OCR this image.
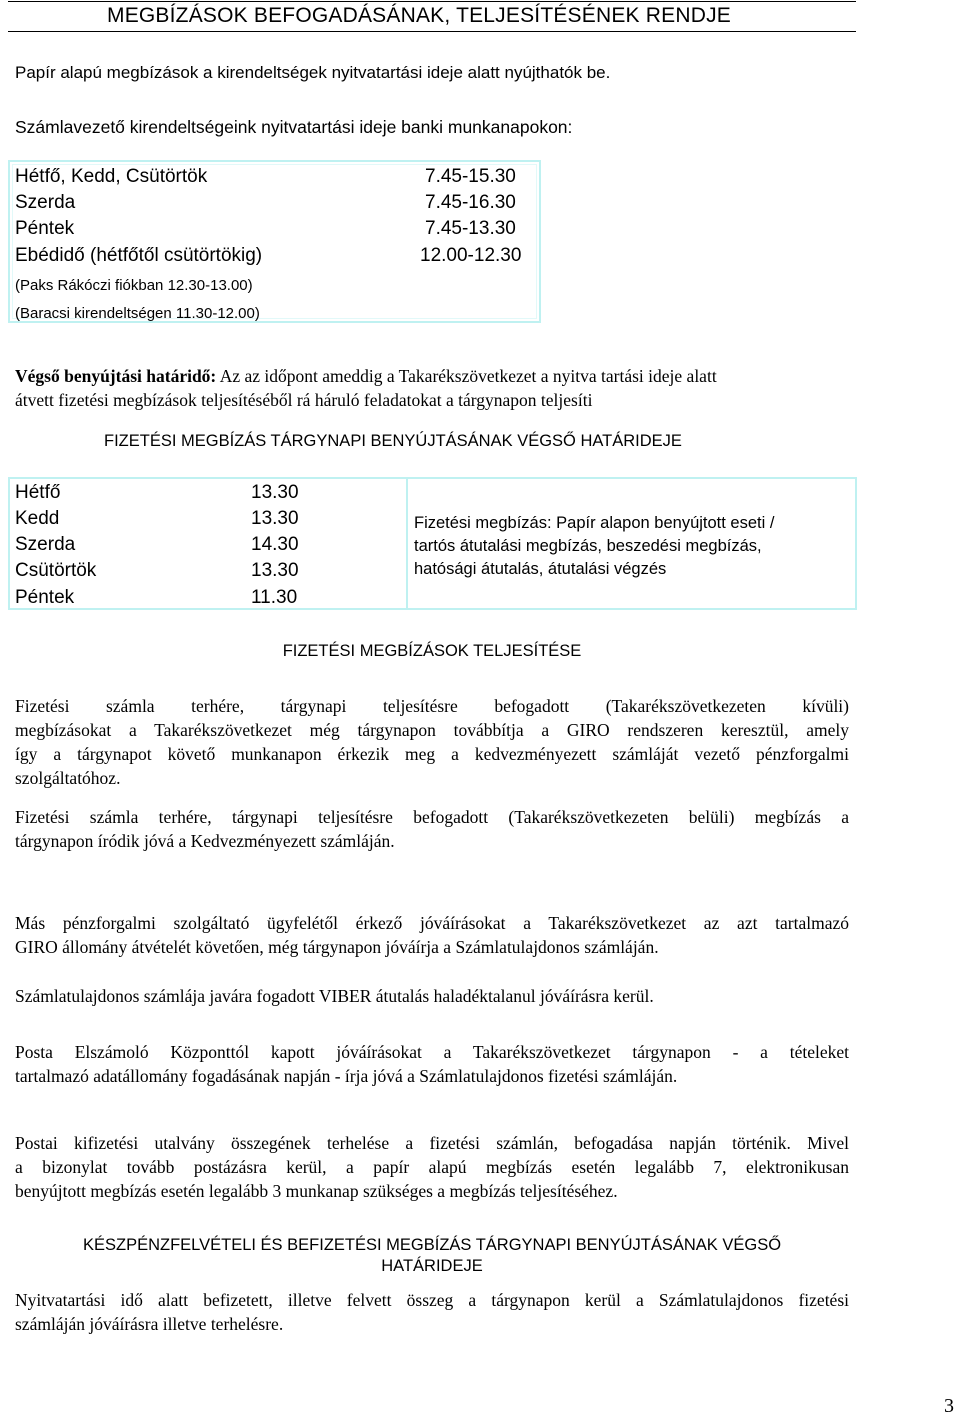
MEGBÍZÁSOK BEFOGADÁSÁNAK, TELJESÍTÉSÉNEK RENDJE
Papír alapú megbízások a kirendeltségek nyitvatartási ideje alatt nyújthatók be.
Számlavezető kirendeltségeink nyitvatartási ideje banki munkanapokon:
Hétfő, Kedd, Csütörtök	7.45-15.30
Szerda	7.45-16.30
Péntek	7.45-13.30
Ebédidő (hétfőtől csütörtökig)	12.00-12.30
(Paks Rákóczi fiókban 12.30-13.00)
(Baracsi kirendeltségen 11.30-12.00)
Végső benyújtási határidő: Az az időpont ameddig a Takarékszövetkezet a nyitva tartási ideje alatt
átvett fizetési megbízások teljesítéséből rá háruló feladatokat a tárgynapon teljesíti
FIZETÉSI MEGBÍZÁS TÁRGYNAPI BENYÚJTÁSÁNAK VÉGSŐ HATÁRIDEJE
Hétfő	13.30
Kedd	13.30
Szerda	14.30
Csütörtök	13.30
Péntek	11.30
Fizetési megbízás: Papír alapon benyújtott eseti /
tartós átutalási megbízás, beszedési megbízás,
hatósági átutalás, átutalási végzés
FIZETÉSI MEGBÍZÁSOK TELJESÍTÉSE
Fizetési számla terhére, tárgynapi teljesítésre befogadott (Takarékszövetkezeten kívüli)
megbízásokat a Takarékszövetkezet még tárgynapon továbbítja a GIRO rendszeren keresztül, amely
így a tárgynapot követő munkanapon érkezik meg a kedvezményezett számláját vezető pénzforgalmi
szolgáltatóhoz.
Fizetési számla terhére, tárgynapi teljesítésre befogadott (Takarékszövetkezeten belüli) megbízás a
tárgynapon íródik jóvá a Kedvezményezett számláján.
Más pénzforgalmi szolgáltató ügyfelétől érkező jóváírásokat a Takarékszövetkezet az azt tartalmazó
GIRO állomány átvételét követően, még tárgynapon jóváírja a Számlatulajdonos számláján.
Számlatulajdonos számlája javára fogadott VIBER átutalás haladéktalanul jóváírásra kerül.
Posta Elszámoló Központtól kapott jóváírásokat a Takarékszövetkezet tárgynapon - a tételeket
tartalmazó adatállomány fogadásának napján - írja jóvá a Számlatulajdonos fizetési számláján.
Postai kifizetési utalvány összegének terhelése a fizetési számlán, befogadása napján történik. Mivel
a bizonylat tovább postázásra kerül, a papír alapú megbízás esetén legalább 7, elektronikusan
benyújtott megbízás esetén legalább 3 munkanap szükséges a megbízás teljesítéséhez.
KÉSZPÉNZFELVÉTELI ÉS BEFIZETÉSI MEGBÍZÁS TÁRGYNAPI BENYÚJTÁSÁNAK VÉGSŐ
HATÁRIDEJE
Nyitvatartási idő alatt befizetett, illetve felvett összeg a tárgynapon kerül a Számlatulajdonos fizetési
számláján jóváírásra illetve terhelésre.
3
